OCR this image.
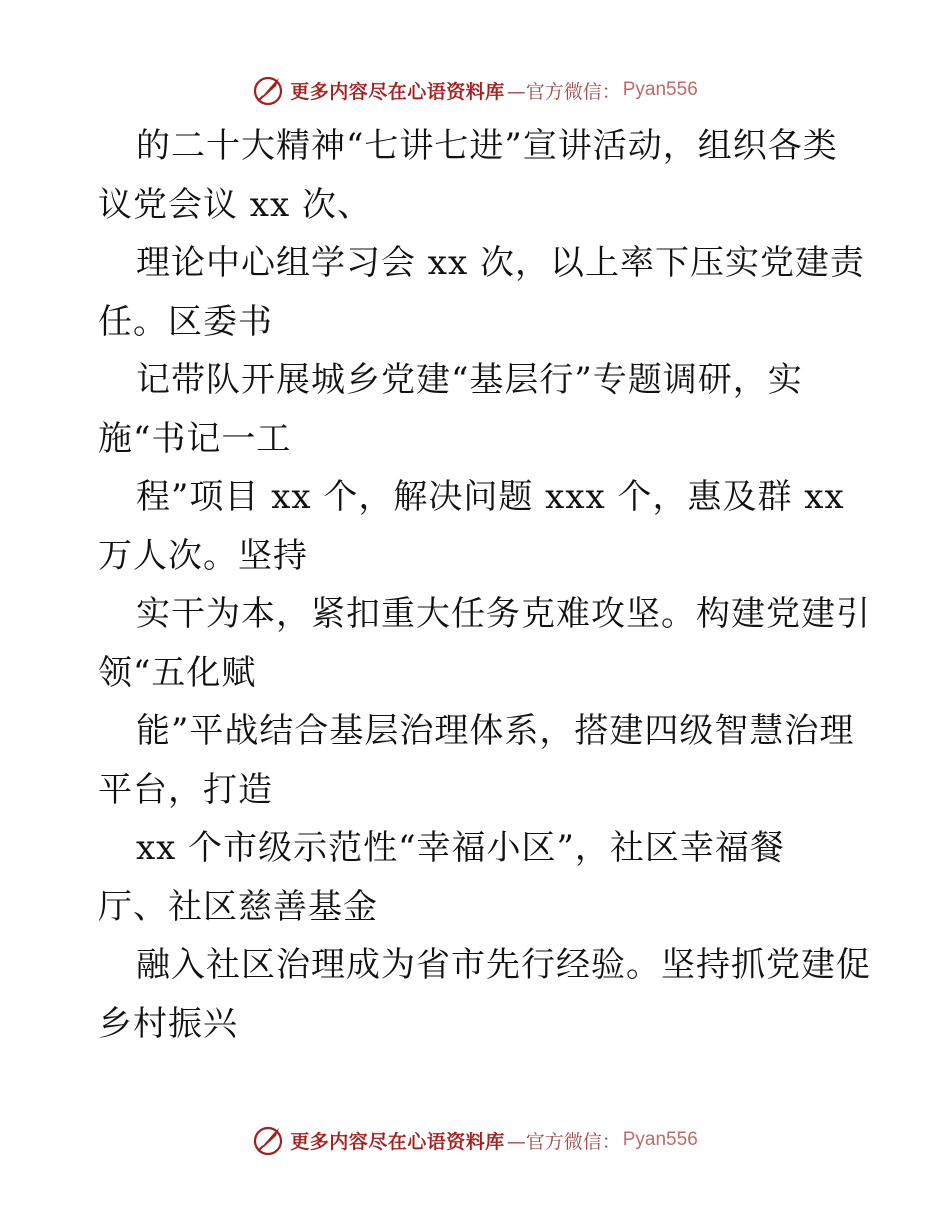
更多内容尽在心语资料库 —官方微信： Pyan556
的二十大精神“七讲七进”宣讲活动，组织各类
议党会议 xx 次、
理论中心组学习会 xx 次，以上率下压实党建责
任。区委书
记带队开展城乡党建“基层行”专题调研，实
施“书记一工
程”项目 xx 个，解决问题 xxx 个，惠及群 xx
万人次。坚持
实干为本，紧扣重大任务克难攻坚。构建党建引
领“五化赋
能”平战结合基层治理体系，搭建四级智慧治理
平台，打造
xx 个市级示范性“幸福小区”，社区幸福餐
厅、社区慈善基金
融入社区治理成为省市先行经验。坚持抓党建促
乡村振兴
更多内容尽在心语资料库 —官方微信： Pyan556
